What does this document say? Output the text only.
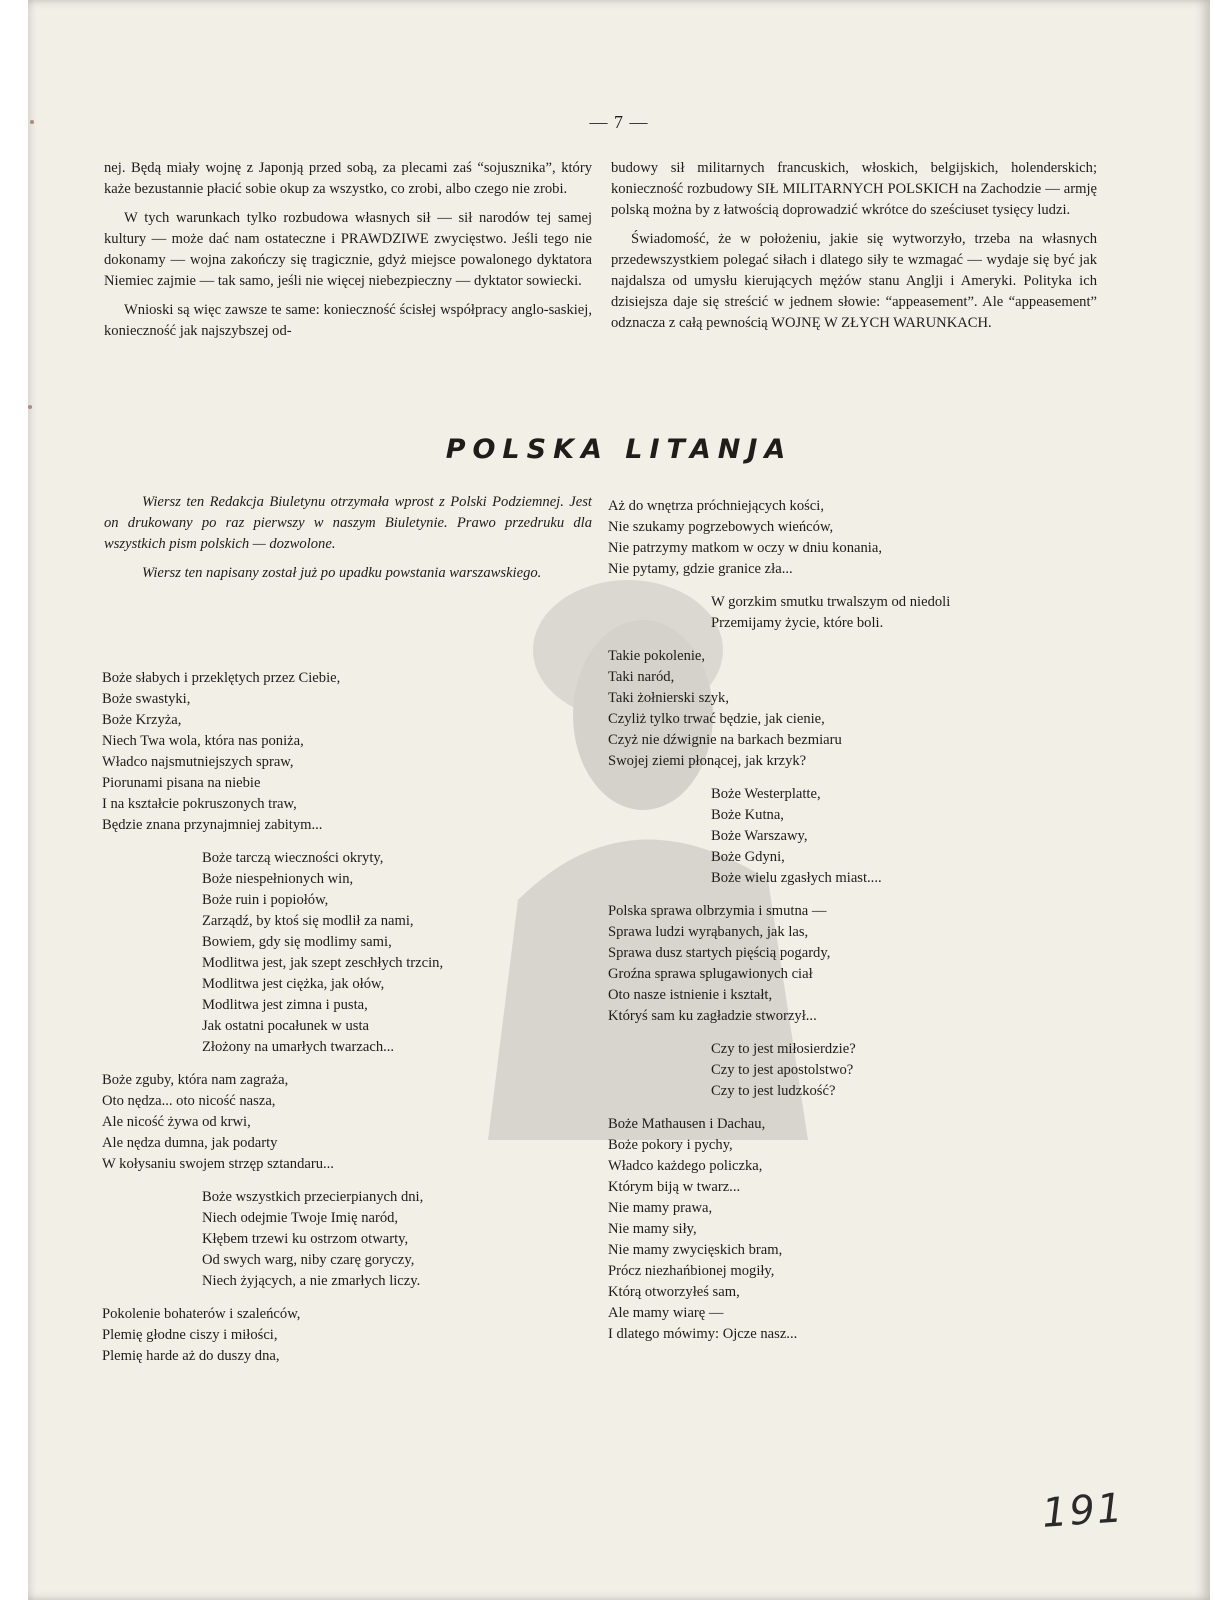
— 7 —

nej. Będą miały wojnę z Japonją przed sobą, za plecami zaś “sojusznika”, który każe bezustannie płacić sobie okup za wszystko, co zrobi, albo czego nie zrobi.

W tych warunkach tylko rozbudowa własnych sił — sił narodów tej samej kultury — może dać nam ostateczne i PRAWDZIWE zwycięstwo. Jeśli tego nie dokonamy — wojna zakończy się tragicznie, gdyż miejsce powalonego dyktatora Niemiec zajmie — tak samo, jeśli nie więcej niebezpieczny — dyktator sowiecki.

Wnioski są więc zawsze te same: konieczność ścisłej współpracy anglo-saskiej, konieczność jak najszybszej od-

budowy sił militarnych francuskich, włoskich, belgijskich, holenderskich; konieczność rozbudowy SIŁ MILITARNYCH POLSKICH na Zachodzie — armję polską można by z łatwością doprowadzić wkrótce do sześciuset tysięcy ludzi.

Świadomość, że w położeniu, jakie się wytworzyło, trzeba na własnych przedewszystkiem polegać siłach i dlatego siły te wzmagać — wydaje się być jak najdalsza od umysłu kierujących mężów stanu Anglji i Ameryki. Polityka ich dzisiejsza daje się streścić w jednem słowie: “appeasement”. Ale “appeasement” odznacza z całą pewnością WOJNĘ W ZŁYCH WARUNKACH.

POLSKA LITANJA

Wiersz ten Redakcja Biuletynu otrzymała wprost z Polski Podziemnej. Jest on drukowany po raz pierwszy w naszym Biuletynie. Prawo przedruku dla wszystkich pism polskich — dozwolone.

Wiersz ten napisany został już po upadku powstania warszawskiego.

Boże słabych i przeklętych przez Ciebie,
Boże swastyki,
Boże Krzyża,
Niech Twa wola, która nas poniża,
Władco najsmutniejszych spraw,
Piorunami pisana na niebie
I na kształcie pokruszonych traw,
Będzie znana przynajmniej zabitym...
Boże tarczą wieczności okryty,
Boże niespełnionych win,
Boże ruin i popiołów,
Zarządź, by ktoś się modlił za nami,
Bowiem, gdy się modlimy sami,
Modlitwa jest, jak szept zeschłych trzcin,
Modlitwa jest ciężka, jak ołów,
Modlitwa jest zimna i pusta,
Jak ostatni pocałunek w usta
Złożony na umarłych twarzach...
Boże zguby, która nam zagraża,
Oto nędza... oto nicość nasza,
Ale nicość żywa od krwi,
Ale nędza dumna, jak podarty
W kołysaniu swojem strzęp sztandaru...
Boże wszystkich przecierpianych dni,
Niech odejmie Twoje Imię naród,
Kłębem trzewi ku ostrzom otwarty,
Od swych warg, niby czarę goryczy,
Niech żyjących, a nie zmarłych liczy.
Pokolenie bohaterów i szaleńców,
Plemię głodne ciszy i miłości,
Plemię harde aż do duszy dna,
Aż do wnętrza próchniejących kości,
Nie szukamy pogrzebowych wieńców,
Nie patrzymy matkom w oczy w dniu konania,
Nie pytamy, gdzie granice zła...
W gorzkim smutku trwalszym od niedoli
Przemijamy życie, które boli.
Takie pokolenie,
Taki naród,
Taki żołnierski szyk,
Czyliż tylko trwać będzie, jak cienie,
Czyż nie dźwignie na barkach bezmiaru
Swojej ziemi płonącej, jak krzyk?
Boże Westerplatte,
Boże Kutna,
Boże Warszawy,
Boże Gdyni,
Boże wielu zgasłych miast....
Polska sprawa olbrzymia i smutna —
Sprawa ludzi wyrąbanych, jak las,
Sprawa dusz startych pięścią pogardy,
Groźna sprawa splugawionych ciał
Oto nasze istnienie i kształt,
Któryś sam ku zagładzie stworzył...
Czy to jest miłosierdzie?
Czy to jest apostolstwo?
Czy to jest ludzkość?
Boże Mathausen i Dachau,
Boże pokory i pychy,
Władco każdego policzka,
Którym biją w twarz...
Nie mamy prawa,
Nie mamy siły,
Nie mamy zwycięskich bram,
Prócz niezhańbionej mogiły,
Którą otworzyłeś sam,
Ale mamy wiarę —
I dlatego mówimy: Ojcze nasz...
191
